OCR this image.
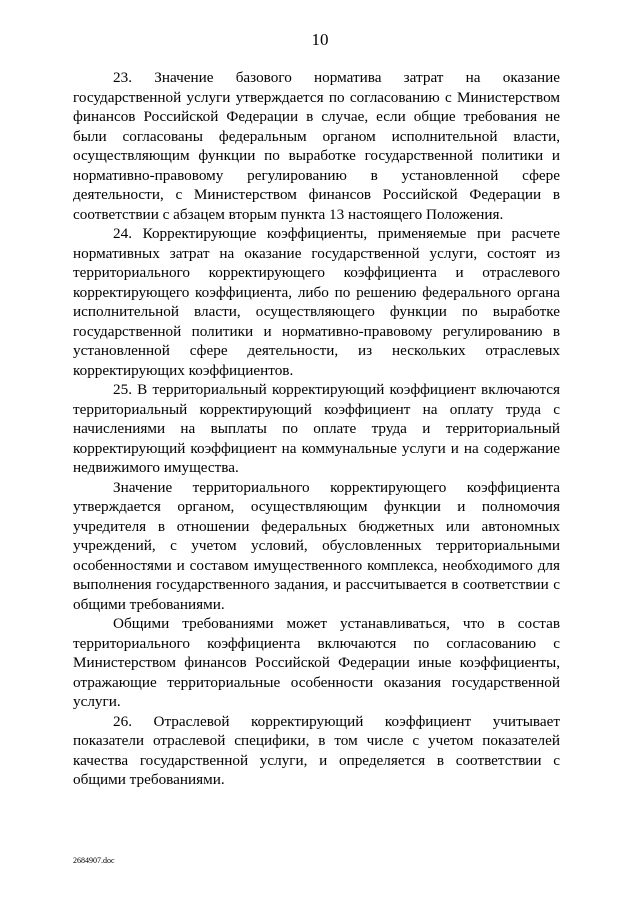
10

23. Значение базового норматива затрат на оказание государственной услуги утверждается по согласованию с Министерством финансов Российской Федерации в случае, если общие требования не были согласованы федеральным органом исполнительной власти, осуществляющим функции по выработке государственной политики и нормативно-правовому регулированию в установленной сфере деятельности, с Министерством финансов Российской Федерации в соответствии с абзацем вторым пункта 13 настоящего Положения.

24. Корректирующие коэффициенты, применяемые при расчете нормативных затрат на оказание государственной услуги, состоят из территориального корректирующего коэффициента и отраслевого корректирующего коэффициента, либо по решению федерального органа исполнительной власти, осуществляющего функции по выработке государственной политики и нормативно-правовому регулированию в установленной сфере деятельности, из нескольких отраслевых корректирующих коэффициентов.

25. В территориальный корректирующий коэффициент включаются территориальный корректирующий коэффициент на оплату труда с начислениями на выплаты по оплате труда и территориальный корректирующий коэффициент на коммунальные услуги и на содержание недвижимого имущества.

Значение территориального корректирующего коэффициента утверждается органом, осуществляющим функции и полномочия учредителя в отношении федеральных бюджетных или автономных учреждений, с учетом условий, обусловленных территориальными особенностями и составом имущественного комплекса, необходимого для выполнения государственного задания, и рассчитывается в соответствии с общими требованиями.

Общими требованиями может устанавливаться, что в состав территориального коэффициента включаются по согласованию с Министерством финансов Российской Федерации иные коэффициенты, отражающие территориальные особенности оказания государственной услуги.

26. Отраслевой корректирующий коэффициент учитывает показатели отраслевой специфики, в том числе с учетом показателей качества государственной услуги, и определяется в соответствии с общими требованиями.

2684907.doc
